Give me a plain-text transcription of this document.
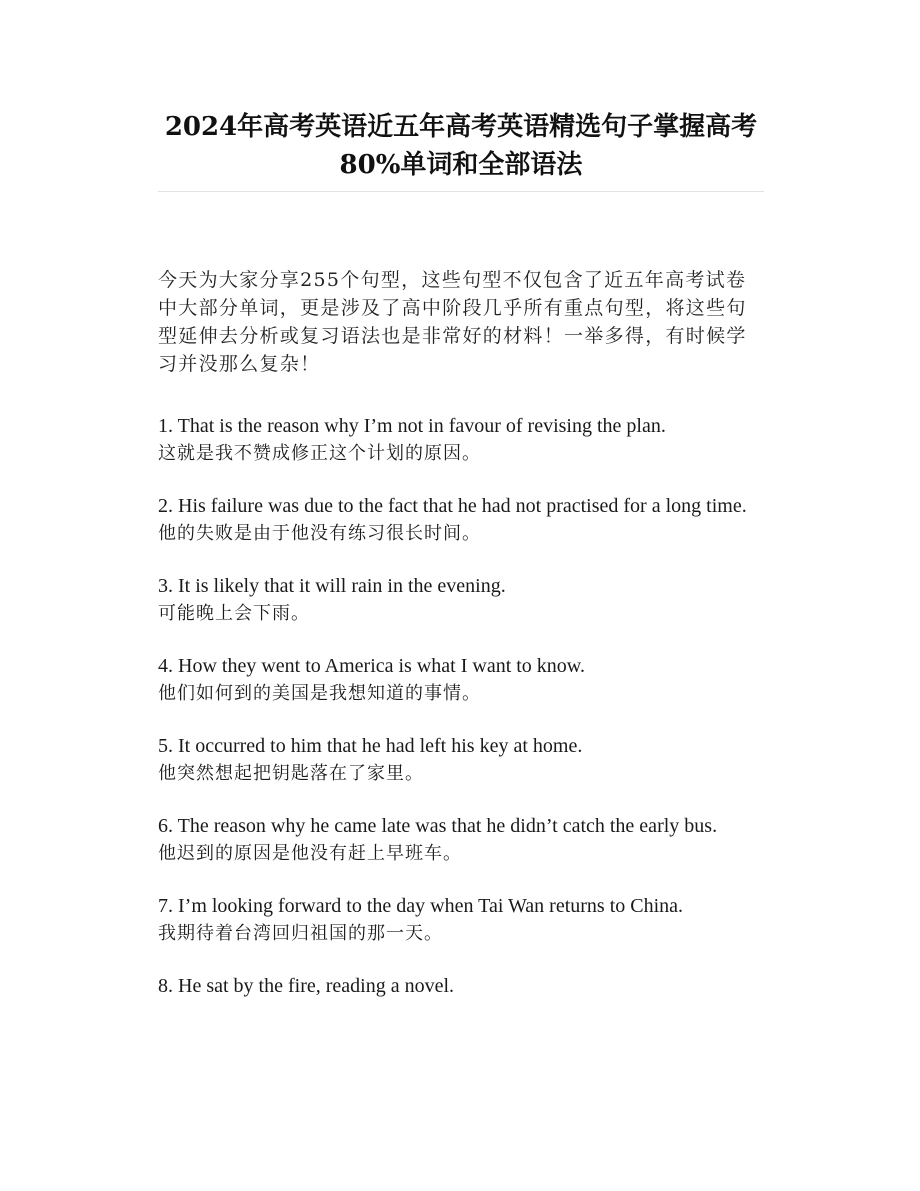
2024年高考英语近五年高考英语精选句子掌握高考80%单词和全部语法

今天为大家分享255个句型，这些句型不仅包含了近五年高考试卷中大部分单词，更是涉及了高中阶段几乎所有重点句型，将这些句型延伸去分析或复习语法也是非常好的材料！一举多得，有时候学习并没那么复杂！

1. That is the reason why I’m not in favour of revising the plan.
这就是我不赞成修正这个计划的原因。
2. His failure was due to the fact that he had not practised for a long time.
他的失败是由于他没有练习很长时间。
3. It is likely that it will rain in the evening.
可能晚上会下雨。
4. How they went to America is what I want to know.
他们如何到的美国是我想知道的事情。
5. It occurred to him that he had left his key at home.
他突然想起把钥匙落在了家里。
6. The reason why he came late was that he didn’t catch the early bus.
他迟到的原因是他没有赶上早班车。
7. I’m looking forward to the day when Tai Wan returns to China.
我期待着台湾回归祖国的那一天。
8. He sat by the fire, reading a novel.
